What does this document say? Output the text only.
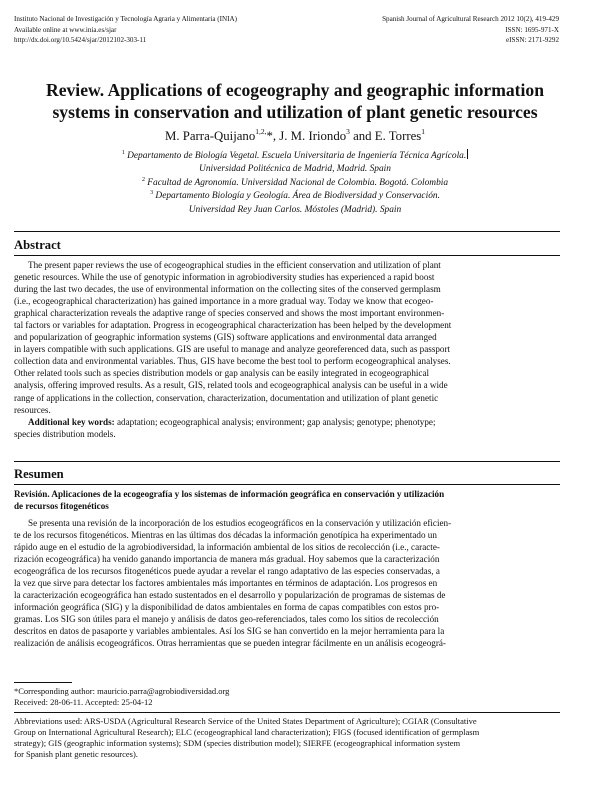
Instituto Nacional de Investigación y Tecnología Agraria y Alimentaria (INIA)
Available online at www.inia.es/sjar
http://dx.doi.org/10.5424/sjar/2012102-303-11
Spanish Journal of Agricultural Research 2012 10(2), 419-429
ISSN: 1695-971-X
eISSN: 2171-9292
Review. Applications of ecogeography and geographic information
systems in conservation and utilization of plant genetic resources
M. Parra-Quijano$^{1,2,}$*, J. M. Iriondo$^3$ and E. Torres$^1$
$^1$ Departamento de Biología Vegetal. Escuela Universitaria de Ingeniería Técnica Agrícola.
Universidad Politécnica de Madrid, Madrid. Spain
$^2$ Facultad de Agronomía. Universidad Nacional de Colombia. Bogotá. Colombia
$^3$ Departamento Biología y Geología. Área de Biodiversidad y Conservación.
Universidad Rey Juan Carlos. Móstoles (Madrid). Spain
Abstract
The present paper reviews the use of ecogeographical studies in the efficient conservation and utilization of plant
genetic resources. While the use of genotypic information in agrobiodiversity studies has experienced a rapid boost
during the last two decades, the use of environmental information on the collecting sites of the conserved germplasm
(i.e., ecogeographical characterization) has gained importance in a more gradual way. Today we know that ecogeo-
graphical characterization reveals the adaptive range of species conserved and shows the most important environmen-
tal factors or variables for adaptation. Progress in ecogeographical characterization has been helped by the development
and popularization of geographic information systems (GIS) software applications and environmental data arranged
in layers compatible with such applications. GIS are useful to manage and analyze georeferenced data, such as passport
collection data and environmental variables. Thus, GIS have become the best tool to perform ecogeographical analyses.
Other related tools such as species distribution models or gap analysis can be easily integrated in ecogeographical
analysis, offering improved results. As a result, GIS, related tools and ecogeographical analysis can be useful in a wide
range of applications in the collection, conservation, characterization, documentation and utilization of plant genetic
resources.
Additional key words: adaptation; ecogeographical analysis; environment; gap analysis; genotype; phenotype;
species distribution models.
Resumen
Revisión. Aplicaciones de la ecogeografía y los sistemas de información geográfica en conservación y utilización
de recursos fitogenéticos
Se presenta una revisión de la incorporación de los estudios ecogeográficos en la conservación y utilización eficien-
te de los recursos fitogenéticos. Mientras en las últimas dos décadas la información genotípica ha experimentado un
rápido auge en el estudio de la agrobiodiversidad, la información ambiental de los sitios de recolección (i.e., caracte-
rización ecogeográfica) ha venido ganando importancia de manera más gradual. Hoy sabemos que la caracterización
ecogeográfica de los recursos fitogenéticos puede ayudar a revelar el rango adaptativo de las especies conservadas, a
la vez que sirve para detectar los factores ambientales más importantes en términos de adaptación. Los progresos en
la caracterización ecogeográfica han estado sustentados en el desarrollo y popularización de programas de sistemas de
información geográfica (SIG) y la disponibilidad de datos ambientales en forma de capas compatibles con estos pro-
gramas. Los SIG son útiles para el manejo y análisis de datos geo-referenciados, tales como los sitios de recolección
descritos en datos de pasaporte y variables ambientales. Así los SIG se han convertido en la mejor herramienta para la
realización de análisis ecogeográficos. Otras herramientas que se pueden integrar fácilmente en un análisis ecogeográ-
*Corresponding author: mauricio.parra@agrobiodiversidad.org
Received: 28-06-11. Accepted: 25-04-12
Abbreviations used: ARS-USDA (Agricultural Research Service of the United States Department of Agriculture); CGIAR (Consultative
Group on International Agricultural Research); ELC (ecogeographical land characterization); FIGS (focused identification of germplasm
strategy); GIS (geographic information systems); SDM (species distribution model); SIERFE (ecogeographical information system
for Spanish plant genetic resources).
